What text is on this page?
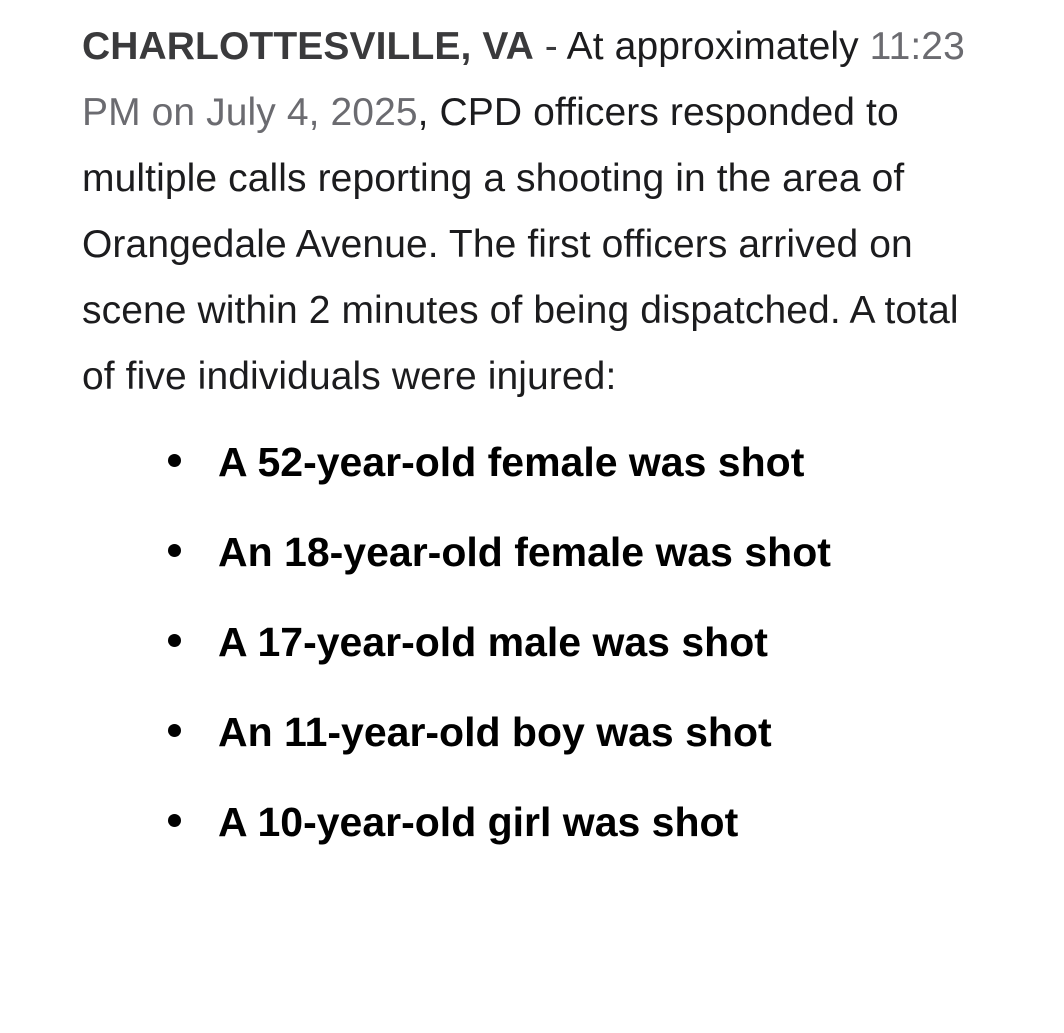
CHARLOTTESVILLE, VA - At approximately 11:23 PM on July 4, 2025, CPD officers responded to multiple calls reporting a shooting in the area of Orangedale Avenue. The first officers arrived on scene within 2 minutes of being dispatched. A total of five individuals were injured:

A 52-year-old female was shot
An 18-year-old female was shot
A 17-year-old male was shot
An 11-year-old boy was shot
A 10-year-old girl was shot
